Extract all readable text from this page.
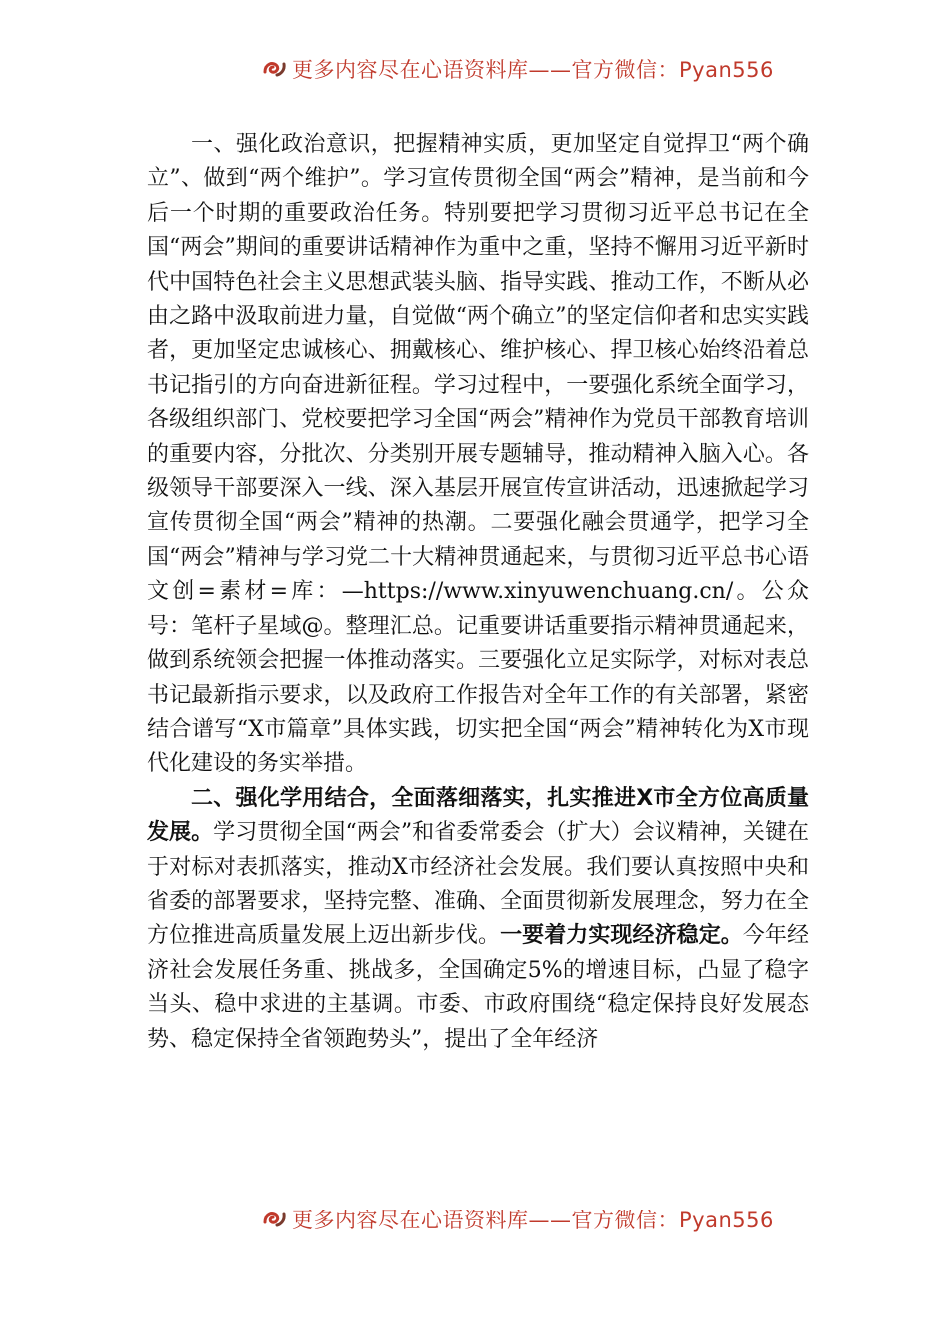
更多内容尽在心语资料库——官方微信：Pyan556

一、强化政治意识，把握精神实质，更加坚定自觉捍卫“两个确立”、做到“两个维护”。学习宣传贯彻全国“两会”精神，是当前和今后一个时期的重要政治任务。特别要把学习贯彻习近平总书记在全国“两会”期间的重要讲话精神作为重中之重，坚持不懈用习近平新时代中国特色社会主义思想武装头脑、指导实践、推动工作，不断从必由之路中汲取前进力量，自觉做“两个确立”的坚定信仰者和忠实实践者，更加坚定忠诚核心、拥戴核心、维护核心、捍卫核心始终沿着总书记指引的方向奋进新征程。学习过程中，一要强化系统全面学习，各级组织部门、党校要把学习全国“两会”精神作为党员干部教育培训的重要内容，分批次、分类别开展专题辅导，推动精神入脑入心。各级领导干部要深入一线、深入基层开展宣传宣讲活动，迅速掀起学习宣传贯彻全国“两会”精神的热潮。二要强化融会贯通学，把学习全国“两会”精神与学习党二十大精神贯通起来，与贯彻习近平总书心语文创=素材=库：—https://www.xinyuwenchuang.cn/。公众号：笔杆子星域@。整理汇总。记重要讲话重要指示精神贯通起来，做到系统领会把握一体推动落实。三要强化立足实际学，对标对表总书记最新指示要求，以及政府工作报告对全年工作的有关部署，紧密结合谱写“X市篇章”具体实践，切实把全国“两会”精神转化为X市现代化建设的务实举措。

二、强化学用结合，全面落细落实，扎实推进X市全方位高质量发展。学习贯彻全国“两会”和省委常委会（扩大）会议精神，关键在于对标对表抓落实，推动X市经济社会发展。我们要认真按照中央和省委的部署要求，坚持完整、准确、全面贯彻新发展理念，努力在全方位推进高质量发展上迈出新步伐。一要着力实现经济稳定。今年经济社会发展任务重、挑战多，全国确定5%的增速目标，凸显了稳字当头、稳中求进的主基调。市委、市政府围绕“稳定保持良好发展态势、稳定保持全省领跑势头”，提出了全年经济

更多内容尽在心语资料库——官方微信：Pyan556
